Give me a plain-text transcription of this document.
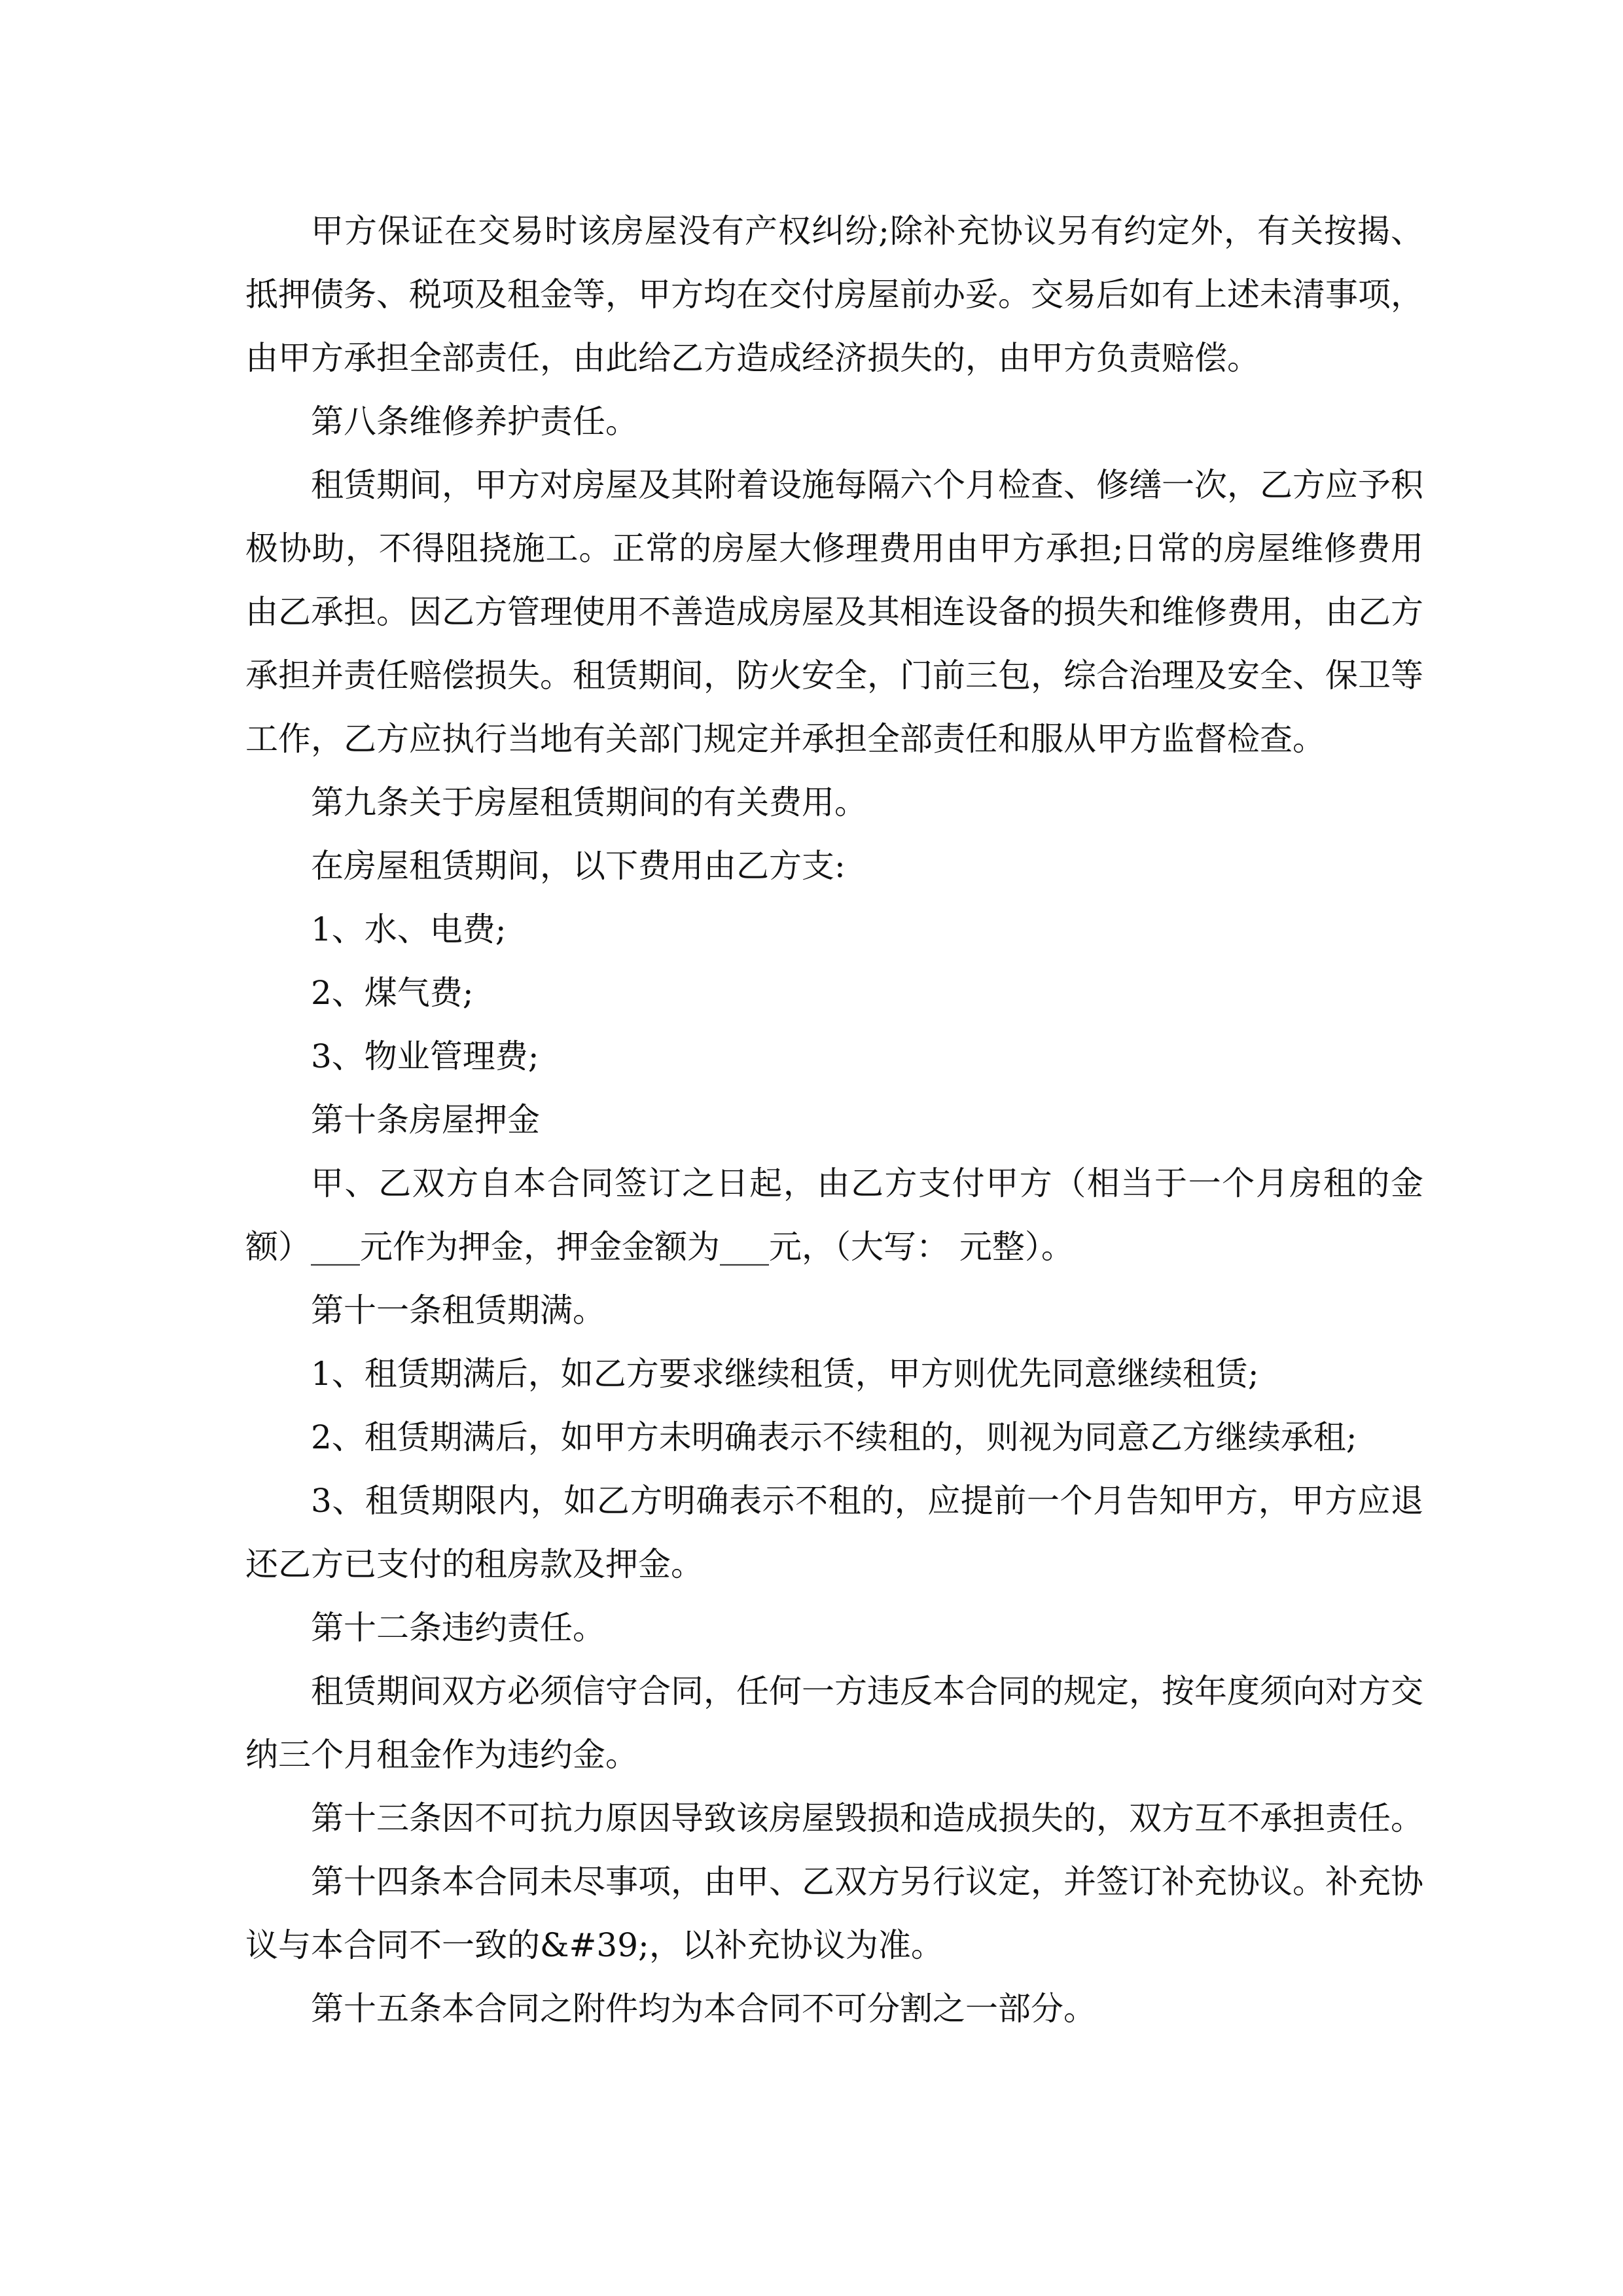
甲方保证在交易时该房屋没有产权纠纷;除补充协议另有约定外，有关按揭、抵押债务、税项及租金等，甲方均在交付房屋前办妥。交易后如有上述未清事项，由甲方承担全部责任，由此给乙方造成经济损失的，由甲方负责赔偿。

第八条维修养护责任。

租赁期间，甲方对房屋及其附着设施每隔六个月检查、修缮一次，乙方应予积极协助，不得阻挠施工。正常的房屋大修理费用由甲方承担;日常的房屋维修费用由乙承担。因乙方管理使用不善造成房屋及其相连设备的损失和维修费用，由乙方承担并责任赔偿损失。租赁期间，防火安全，门前三包，综合治理及安全、保卫等工作，乙方应执行当地有关部门规定并承担全部责任和服从甲方监督检查。

第九条关于房屋租赁期间的有关费用。

在房屋租赁期间，以下费用由乙方支:

1、水、电费;

2、煤气费;

3、物业管理费;

第十条房屋押金

甲、乙双方自本合同签订之日起，由乙方支付甲方（相当于一个月房租的金额）___元作为押金，押金金额为___元，（大写： 元整）。

第十一条租赁期满。

1、租赁期满后，如乙方要求继续租赁，甲方则优先同意继续租赁;

2、租赁期满后，如甲方未明确表示不续租的，则视为同意乙方继续承租;

3、租赁期限内，如乙方明确表示不租的，应提前一个月告知甲方，甲方应退还乙方已支付的租房款及押金。

第十二条违约责任。

租赁期间双方必须信守合同，任何一方违反本合同的规定，按年度须向对方交纳三个月租金作为违约金。

第十三条因不可抗力原因导致该房屋毁损和造成损失的，双方互不承担责任。

第十四条本合同未尽事项，由甲、乙双方另行议定，并签订补充协议。补充协议与本合同不一致的&#39;，以补充协议为准。

第十五条本合同之附件均为本合同不可分割之一部分。
